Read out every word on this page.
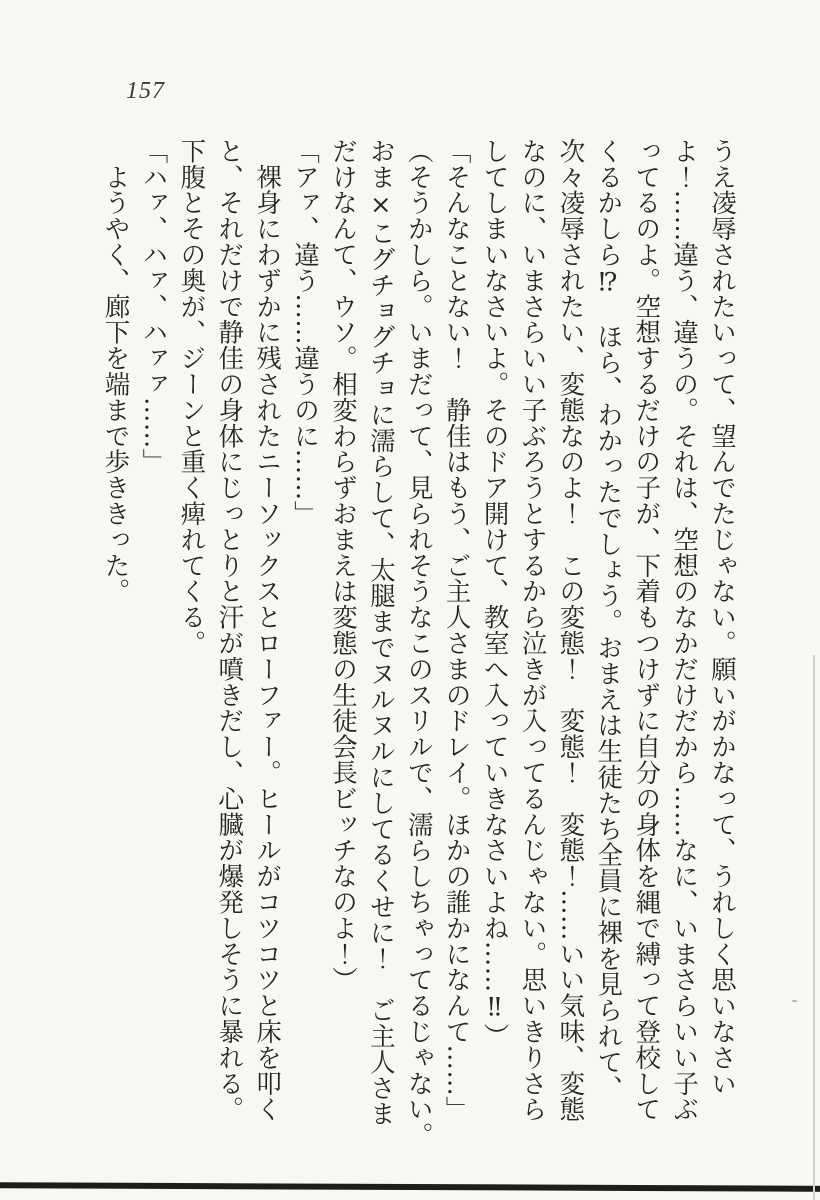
157

うえ凌辱されたいって、望んでたじゃない。願いがかなって、うれしく思いなさい

よ！……違う、違うの。それは、空想のなかだけだから……なに、いまさらいい子ぶ

ってるのよ。空想するだけの子が、下着もつけずに自分の身体を縄で縛って登校して

くるかしら⁉　ほら、わかったでしょう。おまえは生徒たち全員に裸を見られて、

次々凌辱されたい、変態なのよ！　この変態！　変態！　変態！……いい気味、変態

なのに、いまさらいい子ぶろうとするから泣きが入ってるんじゃない。思いきりさら

してしまいなさいよ。そのドア開けて、教室へ入っていきなさいよね……‼）

「そんなことない！　静佳はもう、ご主人さまのドレイ。ほかの誰かになんて……」

（そうかしら。いまだって、見られそうなこのスリルで、濡らしちゃってるじゃない。

おま×こグチョグチョに濡らして、太腿までヌルヌルにしてるくせに！　ご主人さま

だけなんて、ウソ。相変わらずおまえは変態の生徒会長ビッチなのよ！）

「アァ、違う……違うのに……」

　裸身にわずかに残されたニーソックスとローファー。ヒールがコツコツと床を叩く

と、それだけで静佳の身体にじっとりと汗が噴きだし、心臓が爆発しそうに暴れる。

下腹とその奥が、ジーンと重く痺れてくる。

「ハァ、ハァ、ハァァ……」

　ようやく、廊下を端まで歩ききった。
